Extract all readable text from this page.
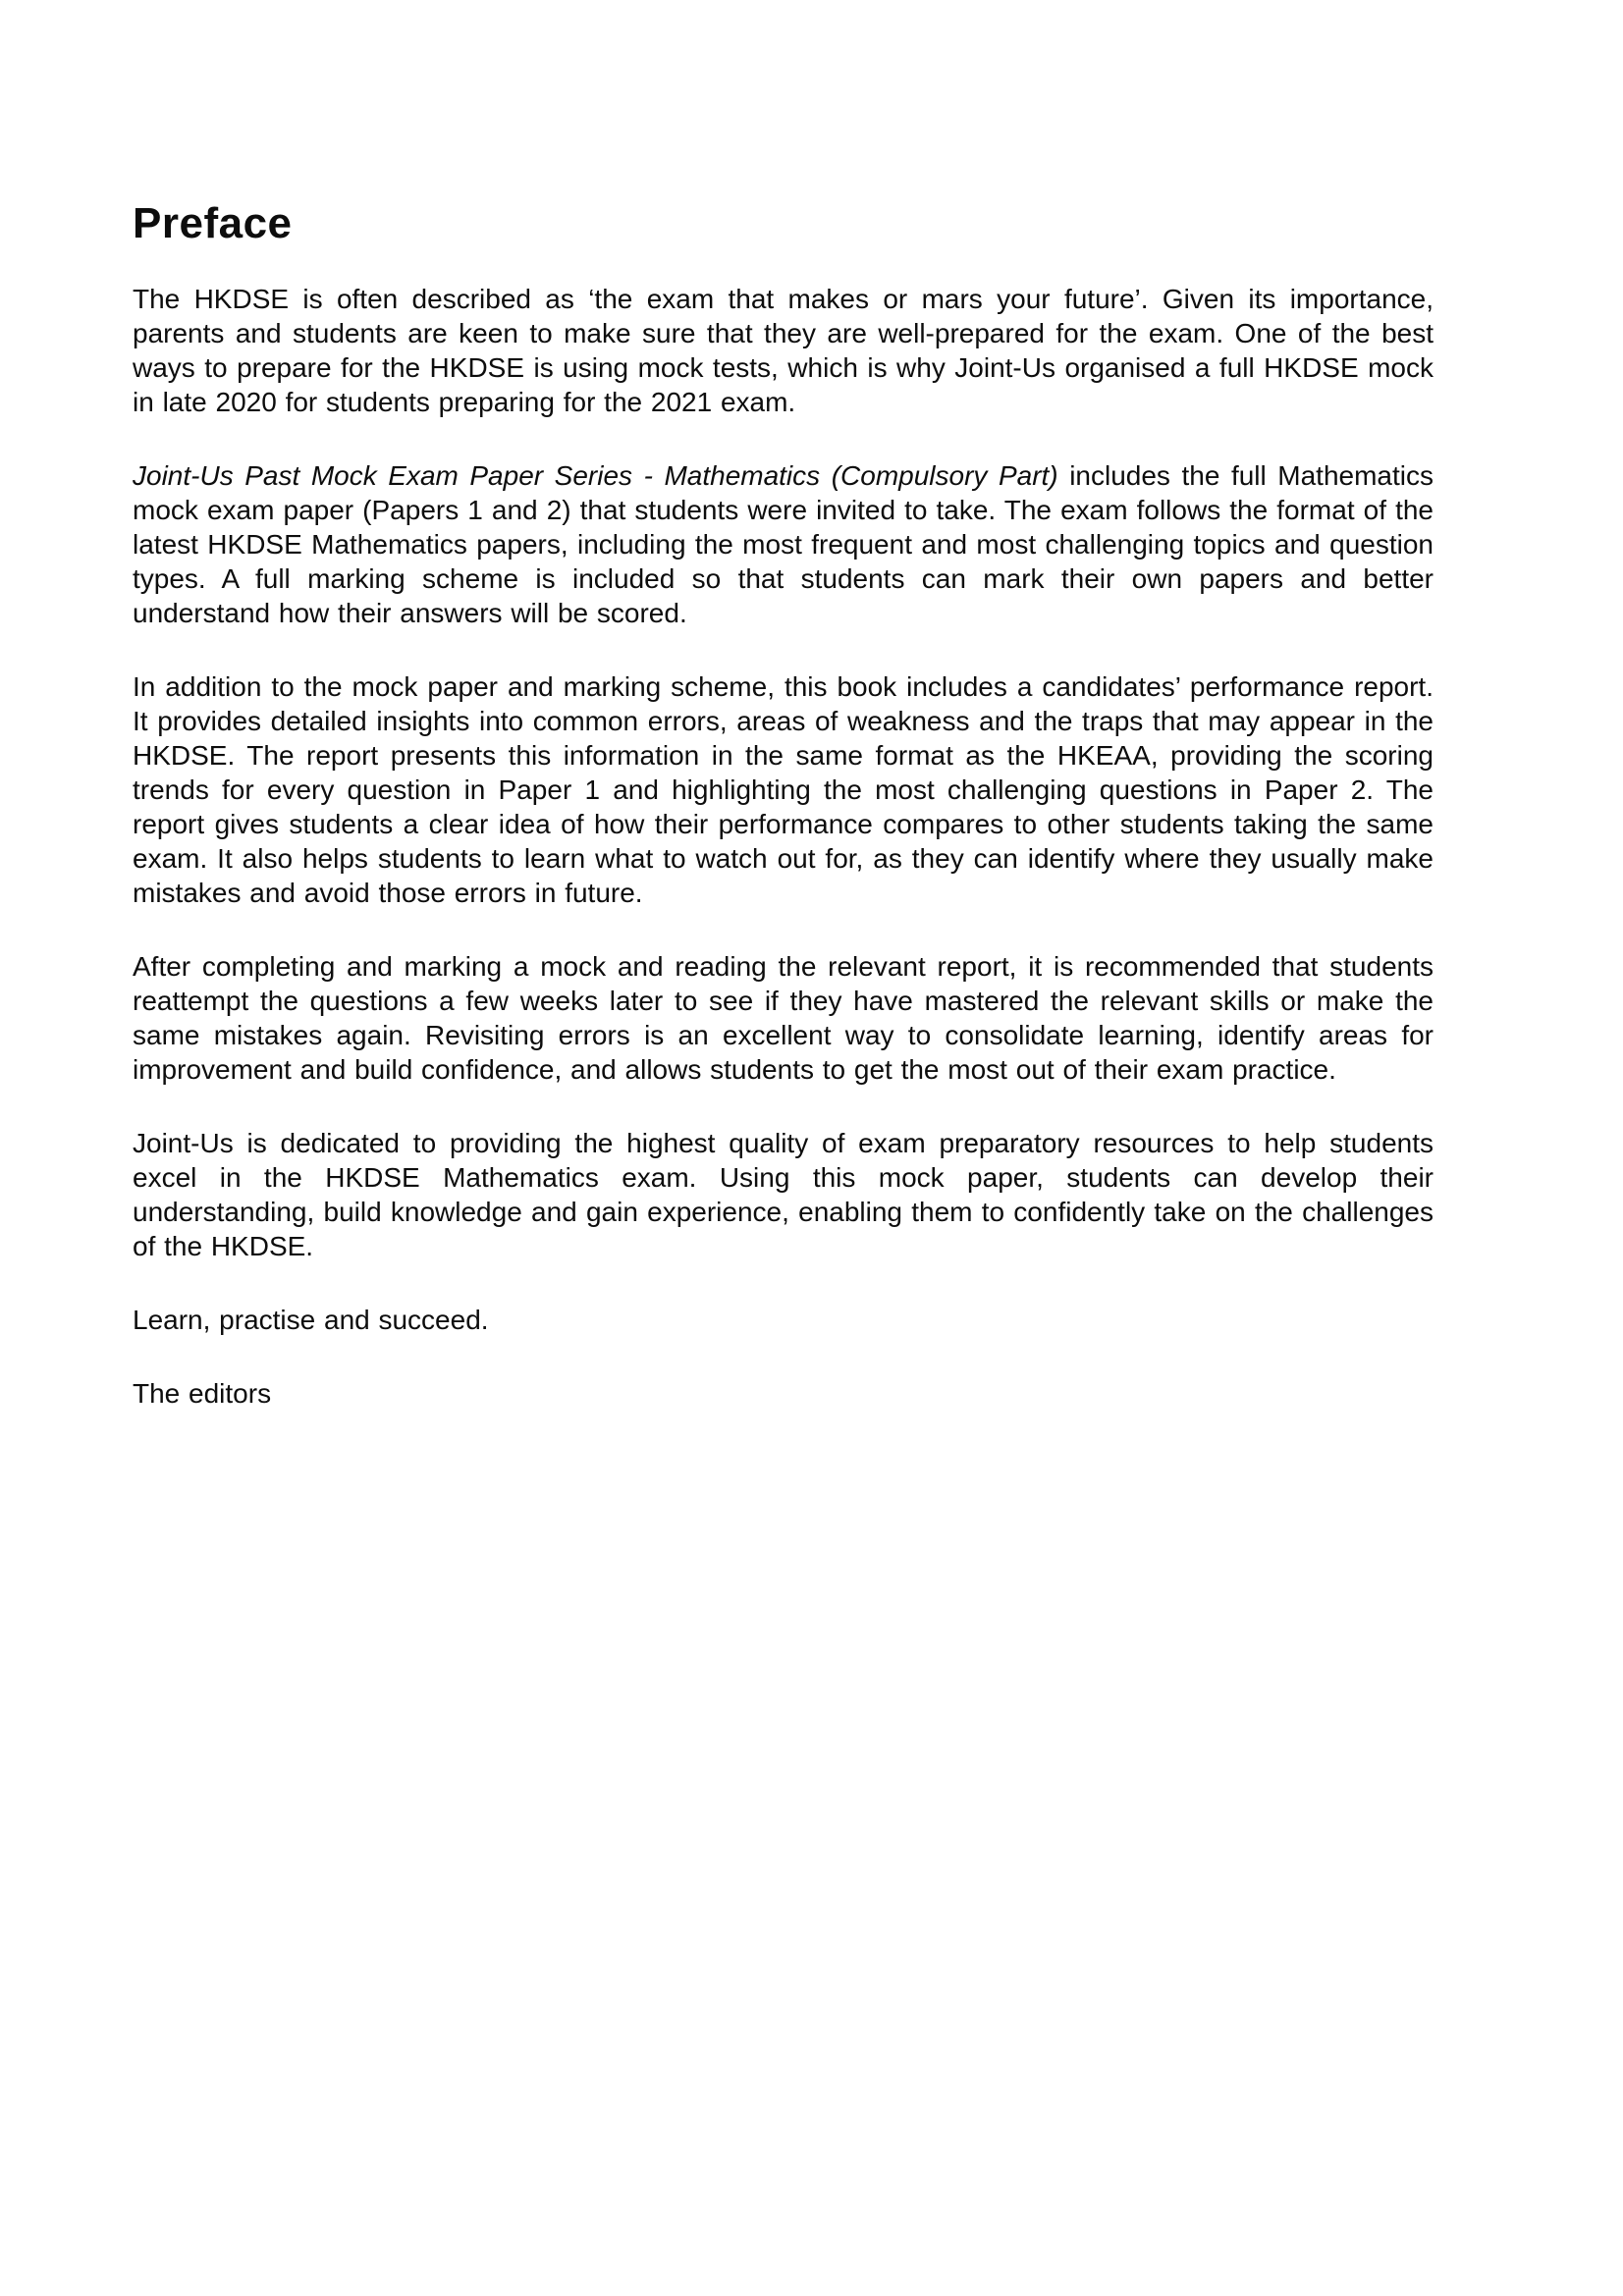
Preface

The HKDSE is often described as ‘the exam that makes or mars your future’. Given its importance, parents and students are keen to make sure that they are well-prepared for the exam. One of the best ways to prepare for the HKDSE is using mock tests, which is why Joint-Us organised a full HKDSE mock in late 2020 for students preparing for the 2021 exam.

Joint-Us Past Mock Exam Paper Series - Mathematics (Compulsory Part) includes the full Mathematics mock exam paper (Papers 1 and 2) that students were invited to take. The exam follows the format of the latest HKDSE Mathematics papers, including the most frequent and most challenging topics and question types. A full marking scheme is included so that students can mark their own papers and better understand how their answers will be scored.

In addition to the mock paper and marking scheme, this book includes a candidates’ performance report. It provides detailed insights into common errors, areas of weakness and the traps that may appear in the HKDSE. The report presents this information in the same format as the HKEAA, providing the scoring trends for every question in Paper 1 and highlighting the most challenging questions in Paper 2. The report gives students a clear idea of how their performance compares to other students taking the same exam. It also helps students to learn what to watch out for, as they can identify where they usually make mistakes and avoid those errors in future.

After completing and marking a mock and reading the relevant report, it is recommended that students reattempt the questions a few weeks later to see if they have mastered the relevant skills or make the same mistakes again. Revisiting errors is an excellent way to consolidate learning, identify areas for improvement and build confidence, and allows students to get the most out of their exam practice.

Joint-Us is dedicated to providing the highest quality of exam preparatory resources to help students excel in the HKDSE Mathematics exam. Using this mock paper, students can develop their understanding, build knowledge and gain experience, enabling them to confidently take on the challenges of the HKDSE.

Learn, practise and succeed.

The editors
